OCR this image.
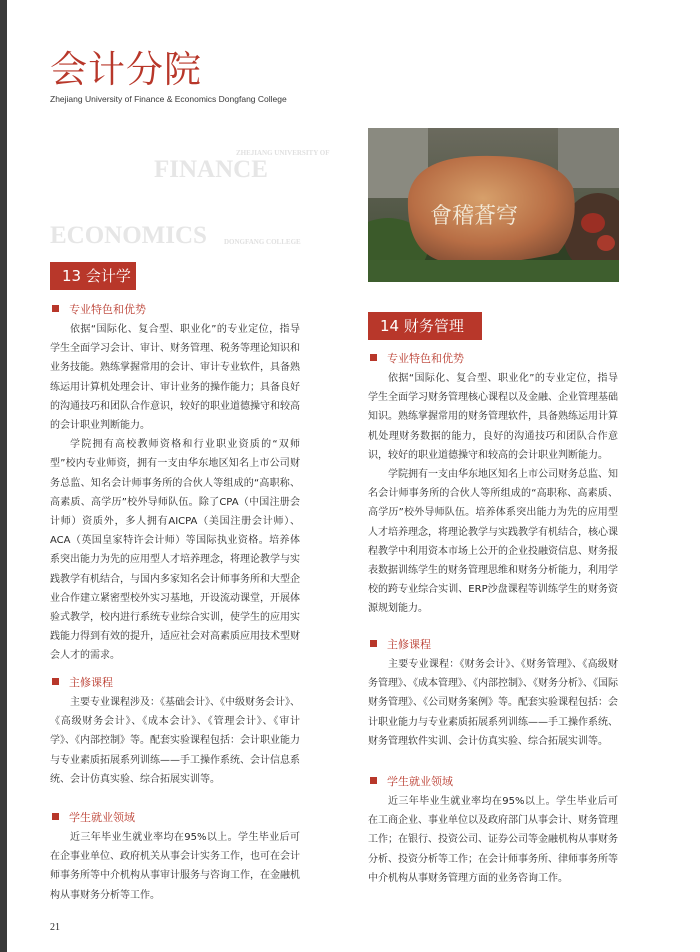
会计分院
Zhejiang University of Finance & Economics Dongfang College
ZHEJIANG UNIVERSITY OF
FINANCE
ECONOMICS DONGFANG COLLEGE
會稽蒼穹
13 会计学
专业特色和优势

依据“国际化、复合型、职业化”的专业定位，指导学生全面学习会计、审计、财务管理、税务等理论知识和业务技能。熟练掌握常用的会计、审计专业软件，具备熟练运用计算机处理会计、审计业务的操作能力；具备良好的沟通技巧和团队合作意识，较好的职业道德操守和较高的会计职业判断能力。

学院拥有高校教师资格和行业职业资质的“双师型”校内专业师资，拥有一支由华东地区知名上市公司财务总监、知名会计师事务所的合伙人等组成的“高职称、高素质、高学历”校外导师队伍。除了CPA（中国注册会计师）资质外，多人拥有AICPA（美国注册会计师）、ACA（英国皇家特许会计师）等国际执业资格。培养体系突出能力为先的应用型人才培养理念，将理论教学与实践教学有机结合，与国内多家知名会计师事务所和大型企业合作建立紧密型校外实习基地，开设流动课堂，开展体验式教学，校内进行系统专业综合实训，使学生的应用实践能力得到有效的提升，适应社会对高素质应用技术型财会人才的需求。

主修课程

主要专业课程涉及：《基础会计》、《中级财务会计》、《高级财务会计》、《成本会计》、《管理会计》、《审计学》、《内部控制》等。配套实验课程包括：会计职业能力与专业素质拓展系列训练——手工操作系统、会计信息系统、会计仿真实验、综合拓展实训等。

学生就业领域

近三年毕业生就业率均在95%以上。学生毕业后可在企事业单位、政府机关从事会计实务工作，也可在会计师事务所等中介机构从事审计服务与咨询工作，在金融机构从事财务分析等工作。

14 财务管理
专业特色和优势

依据“国际化、复合型、职业化”的专业定位，指导学生全面学习财务管理核心课程以及金融、企业管理基础知识。熟练掌握常用的财务管理软件，具备熟练运用计算机处理财务数据的能力，良好的沟通技巧和团队合作意识，较好的职业道德操守和较高的会计职业判断能力。

学院拥有一支由华东地区知名上市公司财务总监、知名会计师事务所的合伙人等所组成的“高职称、高素质、高学历”校外导师队伍。培养体系突出能力为先的应用型人才培养理念，将理论教学与实践教学有机结合，核心课程教学中利用资本市场上公开的企业投融资信息、财务报表数据训练学生的财务管理思维和财务分析能力，利用学校的跨专业综合实训、ERP沙盘课程等训练学生的财务资源规划能力。

主修课程

主要专业课程：《财务会计》、《财务管理》、《高级财务管理》、《成本管理》、《内部控制》、《财务分析》、《国际财务管理》、《公司财务案例》等。配套实验课程包括：会计职业能力与专业素质拓展系列训练——手工操作系统、财务管理软件实训、会计仿真实验、综合拓展实训等。

学生就业领域

近三年毕业生就业率均在95%以上。学生毕业后可在工商企业、事业单位以及政府部门从事会计、财务管理工作；在银行、投资公司、证券公司等金融机构从事财务分析、投资分析等工作；在会计师事务所、律师事务所等中介机构从事财务管理方面的业务咨询工作。

21
